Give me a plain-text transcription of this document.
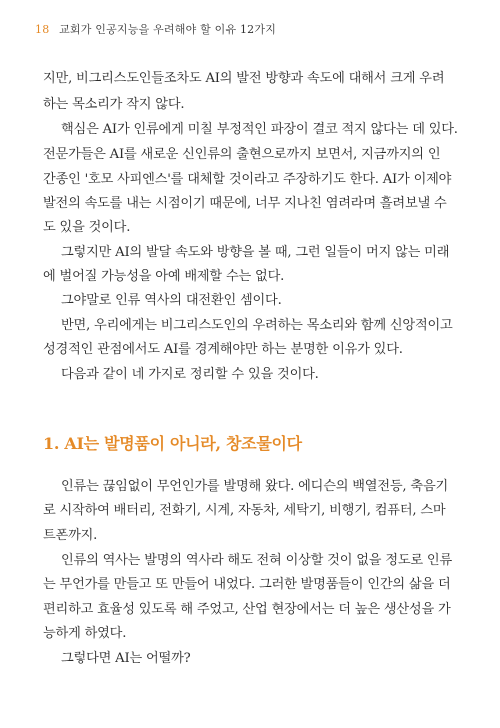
18 교회가 인공지능을 우려해야 할 이유 12가지
지만, 비그리스도인들조차도 AI의 발전 방향과 속도에 대해서 크게 우려
하는 목소리가 작지 않다.
핵심은 AI가 인류에게 미칠 부정적인 파장이 결코 적지 않다는 데 있다.
전문가들은 AI를 새로운 신인류의 출현으로까지 보면서, 지금까지의 인
간종인 '호모 사피엔스'를 대체할 것이라고 주장하기도 한다. AI가 이제야
발전의 속도를 내는 시점이기 때문에, 너무 지나친 염려라며 흘려보낼 수
도 있을 것이다.
그렇지만 AI의 발달 속도와 방향을 볼 때, 그런 일들이 머지 않는 미래
에 벌어질 가능성을 아예 배제할 수는 없다.
그야말로 인류 역사의 대전환인 셈이다.
반면, 우리에게는 비그리스도인의 우려하는 목소리와 함께 신앙적이고
성경적인 관점에서도 AI를 경계해야만 하는 분명한 이유가 있다.
다음과 같이 네 가지로 정리할 수 있을 것이다.
1. AI는 발명품이 아니라, 창조물이다
인류는 끊임없이 무언인가를 발명해 왔다. 에디슨의 백열전등, 축음기
로 시작하여 배터리, 전화기, 시계, 자동차, 세탁기, 비행기, 컴퓨터, 스마
트폰까지.
인류의 역사는 발명의 역사라 해도 전혀 이상할 것이 없을 정도로 인류
는 무언가를 만들고 또 만들어 내었다. 그러한 발명품들이 인간의 삶을 더
편리하고 효율성 있도록 해 주었고, 산업 현장에서는 더 높은 생산성을 가
능하게 하였다.
그렇다면 AI는 어떨까?
